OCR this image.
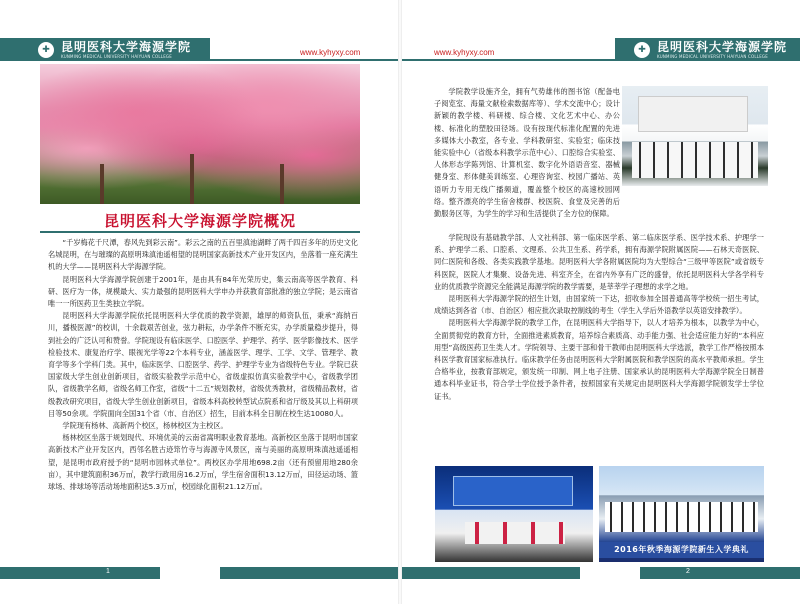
✚ 昆明医科大学海源学院
KUNMING MEDICAL UNIVERSITY HAIYUAN COLLEGE	www.kyhyxy.com
昆明医科大学海源学院概况

“千岁梅花千尺潭，春风先到彩云南”。彩云之南的五百里滇池湖畔了两千四百多年的历史文化名城昆明，在与璀璨的高原明珠滇池遥相望的昆明国家高新技术产业开发区内，坐落着一座充满生机的大学——昆明医科大学海源学院。

昆明医科大学海源学院创建于2001年，是由具有84年光荣历史，集云南高等医学教育、科研、医疗为一体，规模最大、实力最强的昆明医科大学申办并获教育部批准的独立学院；是云南省唯一一所医药卫生类独立学院。

昆明医科大学海源学院依托昆明医科大学优质的教学资源，雄厚的师资队伍，秉承“海纳百川，播极医源”的校训，十余载艰苦创业，弦力耕耘，办学条件不断充实，办学质量稳步提升，得到社会的广泛认可和赞誉。学院现设有临床医学、口腔医学、护理学、药学、医学影像技术、医学检验技术、康复治疗学、眼视光学等22个本科专业，涵盖医学、理学、工学、文学、管理学、教育学等多个学科门类。其中，临床医学、口腔医学、药学、护理学专业为省级特色专业。学院已获国家级大学生创业创新项目，省级实验教学示范中心，省级虚拟仿真实验教学中心，省级教学团队，省级教学名师，省级名师工作室，省级“十二五”规划教材，省级优秀教材，省级精品教材，省级教改研究项目，省级大学生创业创新项目，省级本科高校转型试点院系和省厅级及其以上科研项目等50余项。学院面向全国31个省（市、自治区）招生，目前本科全日制在校生达10080人。

学院现有杨林、高新两个校区，杨林校区为主校区。

杨林校区坐落于规划现代、环境优美的云南省嵩明职业教育基地。高新校区坐落于昆明市国家高新技术产业开发区内，西邻名胜古迹筇竹寺与海源寺风景区，南与美丽的高原明珠滇池遥遥相望，是昆明市政府授予的“昆明市园林式单位”。两校区办学用地698.2亩（还有预留用地280余亩），其中建筑面积36万㎡，教学行政用房16.2万㎡，学生宿舍面积13.12万㎡，田径运动场、篮球场、排球场等活动场地面积达5.3万㎡，校园绿化面积21.12万㎡。

1
✚ 昆明医科大学海源学院
KUNMING MEDICAL UNIVERSITY HAIYUAN COLLEGE
www.kyhyxy.com
2

学院教学设施齐全，拥有气势雄伟的图书馆（配备电子阅览室、海量文献检索数据库等）、学术交流中心；设计新颖的教学楼、科研楼、综合楼、文化艺术中心、办公楼、标准化的塑胶田径场。设有按现代标准化配置的先进多媒体大小教室，各专业、学科教研室、实验室；临床技能实验中心（省级本科教学示范中心）、口腔综合实验室、人体形态学陈列馆、计算机室、数字化外语语音室、器械健身室、形体健美训练室、心理咨询室、校园广播站、英语听力专用无线广播频道，覆盖整个校区的高速校园网络。整齐漂亮的学生宿舍楼群、校医院、食堂及完善的后勤服务区等，为学生的学习和生活提供了全方位的保障。

学院现设有基础教学部、人文社科部、第一临床医学系、第二临床医学系、医学技术系、护理学一系、护理学二系、口腔系、文理系、公共卫生系、药学系，拥有海源学院附属医院——石林天奇医院、同仁医院和各级、各类实践教学基地。昆明医科大学各附属医院均为大型综合“三级甲等医院”或省级专科医院，医院人才集聚、设备先进、科室齐全，在省内外享有广泛的盛誉，依托昆明医科大学各学科专业的优质教学资源完全能满足海源学院的教学需要，是莘莘学子理想的求学之地。

昆明医科大学海源学院的招生计划，由国家统一下达，招收参加全国普通高等学校统一招生考试，成绩达到各省（市、自治区）相应批次录取控制线的考生（学生入学后外语教学以英语安排教学）。

昆明医科大学海源学院的教学工作，在昆明医科大学指导下，以人才培养为根本，以教学为中心，全面贯彻党的教育方针，全面推进素质教育，培养综合素质高、动手能力强、社会适应能力好的“本科应用型”高级医药卫生类人才。学院领导、主要干部和骨干教师由昆明医科大学选派，教学工作严格按照本科医学教育国家标准执行。临床教学任务由昆明医科大学附属医院和教学医院的高水平教师承担。学生合格毕业，按教育部规定，颁发统一印制、网上电子注册、国家承认的昆明医科大学海源学院全日制普通本科毕业证书，符合学士学位授予条件者，按照国家有关规定由昆明医科大学海源学院颁发学士学位证书。

2016年秋季海源学院新生入学典礼
